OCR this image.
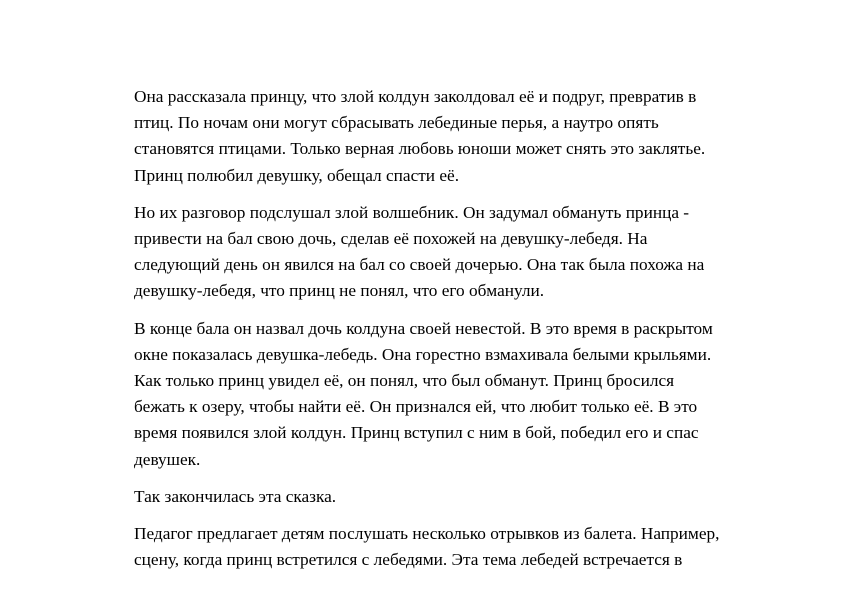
Она рассказала принцу, что злой колдун заколдовал её и подруг, превратив в
птиц. По ночам они могут сбрасывать лебединые перья, а наутро опять
становятся птицами. Только верная любовь юноши может снять это заклятье.
Принц полюбил девушку, обещал спасти её.

Но их разговор подслушал злой волшебник. Он задумал обмануть принца -
привести на бал свою дочь, сделав её похожей на девушку-лебедя. На
следующий день он явился на бал со своей дочерью. Она так была похожа на
девушку-лебедя, что принц не понял, что его обманули.

В конце бала он назвал дочь колдуна своей невестой. В это время в раскрытом
окне показалась девушка-лебедь. Она горестно взмахивала белыми крыльями.
Как только принц увидел её, он понял, что был обманут. Принц бросился
бежать к озеру, чтобы найти её. Он признался ей, что любит только её. В это
время появился злой колдун. Принц вступил с ним в бой, победил его и спас
девушек.

Так закончилась эта сказка.

Педагог предлагает детям послушать несколько отрывков из балета. Например,
сцену, когда принц встретился с лебедями. Эта тема лебедей встречается в
